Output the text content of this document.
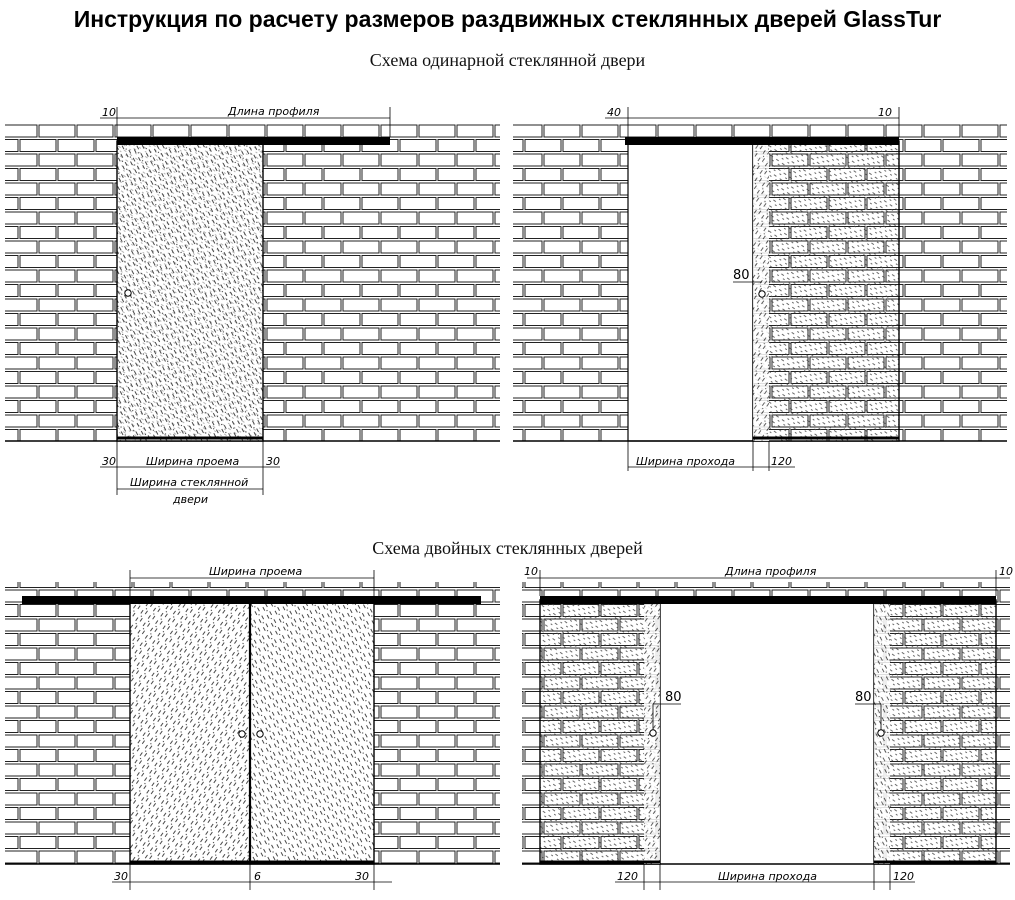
Инструкция по расчету размеров раздвижных стеклянных дверей GlassTur
Схема одинарной стеклянной двери
Схема двойных стеклянных дверей
10	Длина профиля
30	Ширина проема 30
Ширина стеклянной
двери
40	10
80
Ширина прохода	120
Ширина проема
30	6	30
10	Длина профиля	10
80	80
120	Ширина прохода	120
